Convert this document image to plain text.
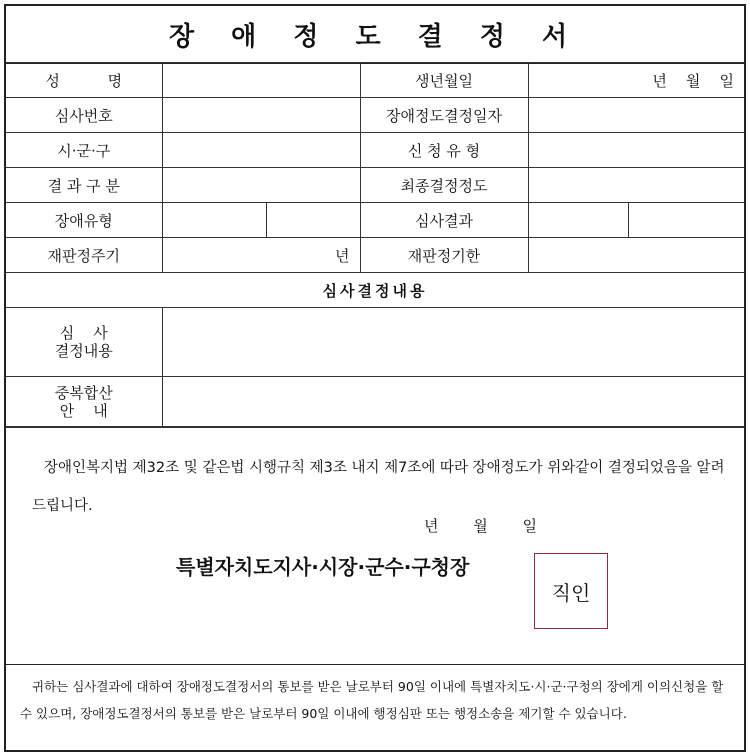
장 애 정 도 결 정 서
성          명			생년월일	년    월    일	
심사번호			장애정도결정일자		
시·군·구			신 청 유 형		
결 과 구 분			최종결정정도		
장애유형			심사결과		
재판정주기	년		재판정기한		
심사결정내용					

심    사
결정내용					

중복합산
안    내					

장애인복지법 제32조 및 같은법 시행규칙 제3조 내지 제7조에 따라 장애정도가 위와같이 결정되었음을 알려드립니다.
년 월 일
특별자치도지사·시장·군수·구청장
직인
귀하는 심사결과에 대하여 장애정도결정서의 통보를 받은 날로부터 90일 이내에 특별자치도·시·군·구청의 장에게 이의신청을 할 수 있으며, 장애정도결정서의 통보를 받은 날로부터 90일 이내에 행정심판 또는 행정소송을 제기할 수 있습니다.
